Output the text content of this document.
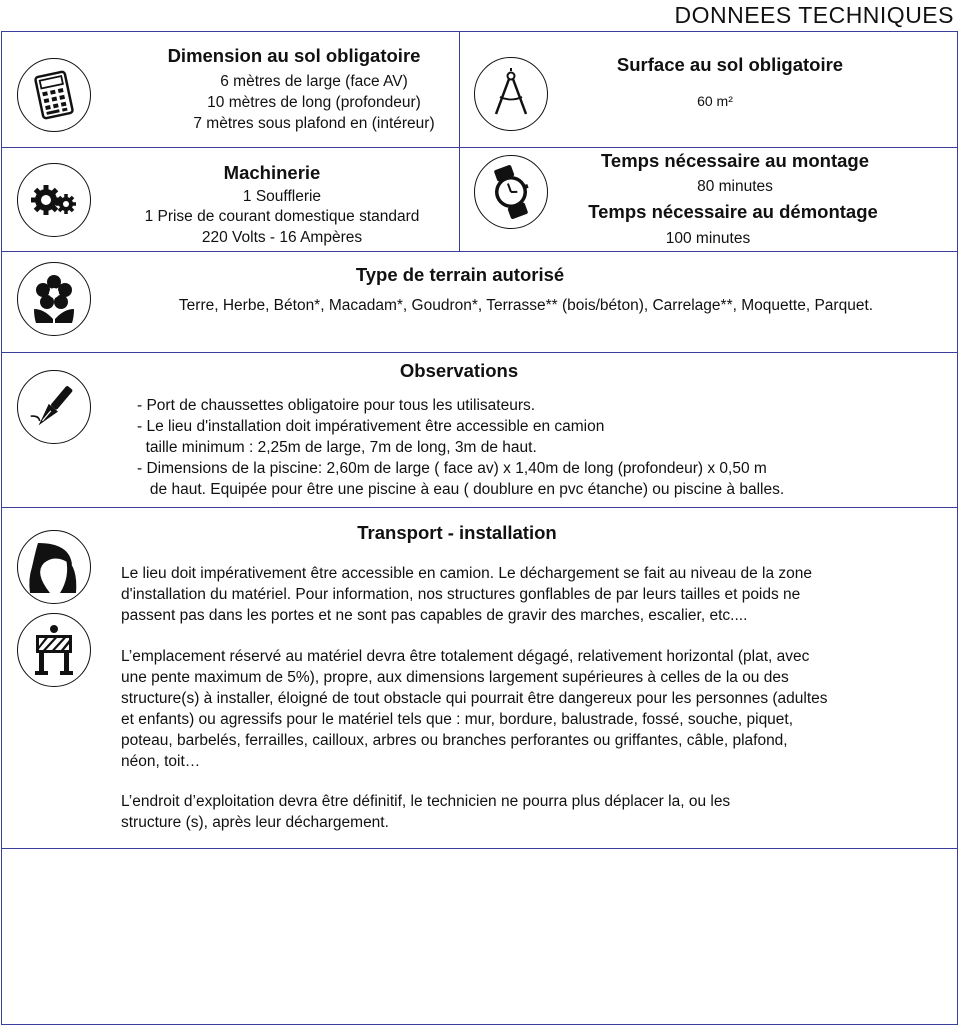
DONNEES TECHNIQUES
Dimension au sol obligatoire
6 mètres de large (face AV)
10 mètres de long (profondeur)
7 mètres sous plafond en (intéreur)
Surface au sol obligatoire
60 m²
Machinerie
1 Soufflerie
1 Prise de courant domestique standard
220 Volts - 16 Ampères
Temps nécessaire au montage
80 minutes
Temps nécessaire au démontage
100 minutes
Type de terrain autorisé
Terre, Herbe, Béton*, Macadam*, Goudron*, Terrasse** (bois/béton), Carrelage**, Moquette, Parquet.
Observations
- Port de chaussettes obligatoire pour tous les utilisateurs.
- Le lieu d'installation doit impérativement être accessible en camion
taille minimum : 2,25m de large, 7m de long, 3m de haut.
- Dimensions de la piscine: 2,60m de large ( face av) x 1,40m de long (profondeur) x 0,50 m
de haut. Equipée pour être une piscine à eau ( doublure en pvc étanche) ou piscine à balles.
Transport - installation
Le lieu doit impérativement être accessible en camion. Le déchargement se fait au niveau de la zone
d'installation du matériel. Pour information, nos structures gonflables de par leurs tailles et poids ne
passent pas dans les portes et ne sont pas capables de gravir des marches, escalier, etc....
L’emplacement réservé au matériel devra être totalement dégagé, relativement horizontal (plat, avec
une pente maximum de 5%), propre, aux dimensions largement supérieures à celles de la ou des
structure(s) à installer, éloigné de tout obstacle qui pourrait être dangereux pour les personnes (adultes
et enfants) ou agressifs pour le matériel tels que : mur, bordure, balustrade, fossé, souche, piquet,
poteau, barbelés, ferrailles, cailloux, arbres ou branches perforantes ou griffantes, câble, plafond,
néon, toit…
L’endroit d’exploitation devra être définitif, le technicien ne pourra plus déplacer la, ou les
structure (s), après leur déchargement.
